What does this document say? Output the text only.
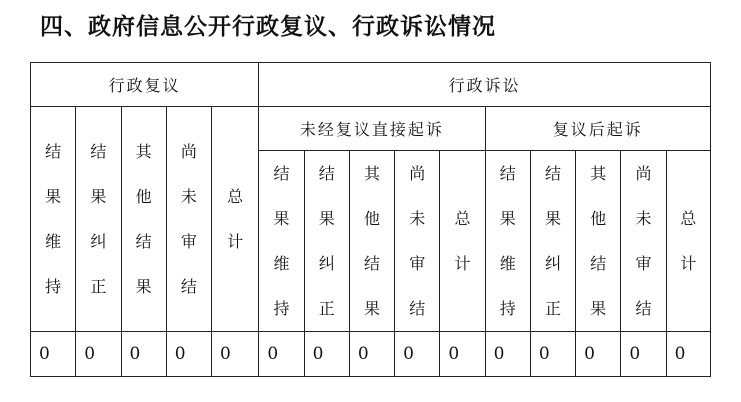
四、政府信息公开行政复议、行政诉讼情况
行政复议					行政诉讼									
结果维持	结果纠正	其他结果	尚未审结	总计	未经复议直接起诉					复议后起诉				
					结果维持	结果纠正	其他结果	尚未审结	总计	结果维持	结果纠正	其他结果	尚未审结	总计
0	0	0	0	0	0	0	0	0	0	0	0	0	0	0
